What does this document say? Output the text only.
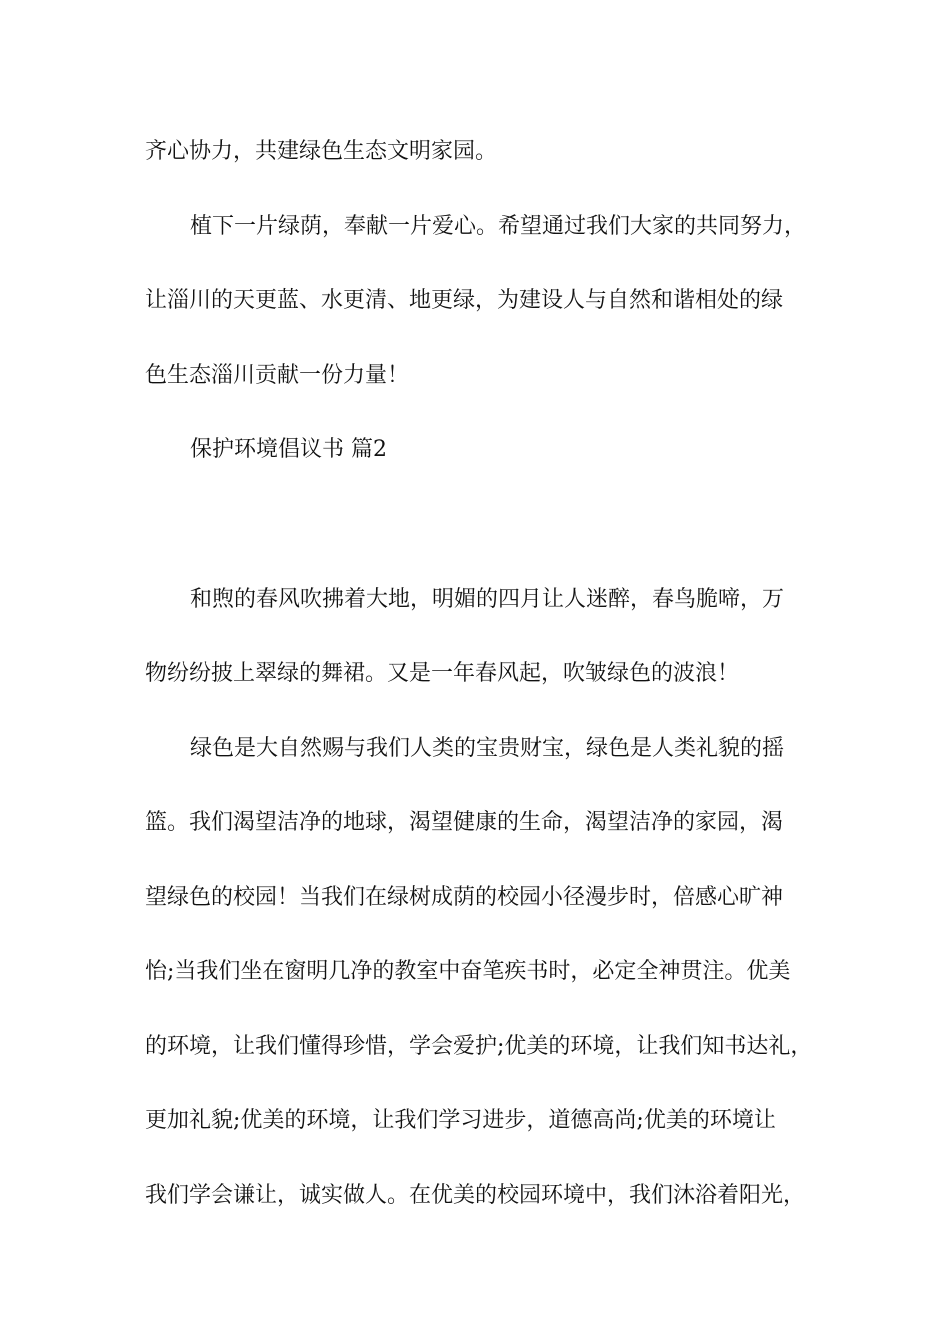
齐心协力，共建绿色生态文明家园。
植下一片绿荫，奉献一片爱心。希望通过我们大家的共同努力，
让淄川的天更蓝、水更清、地更绿，为建设人与自然和谐相处的绿
色生态淄川贡献一份力量！
保护环境倡议书 篇2
和煦的春风吹拂着大地，明媚的四月让人迷醉，春鸟脆啼，万
物纷纷披上翠绿的舞裙。又是一年春风起，吹皱绿色的波浪！
绿色是大自然赐与我们人类的宝贵财宝，绿色是人类礼貌的摇
篮。我们渴望洁净的地球，渴望健康的生命，渴望洁净的家园，渴
望绿色的校园！当我们在绿树成荫的校园小径漫步时，倍感心旷神
怡;当我们坐在窗明几净的教室中奋笔疾书时，必定全神贯注。优美
的环境，让我们懂得珍惜，学会爱护;优美的环境，让我们知书达礼，
更加礼貌;优美的环境，让我们学习进步，道德高尚;优美的环境让
我们学会谦让，诚实做人。在优美的校园环境中，我们沐浴着阳光，
